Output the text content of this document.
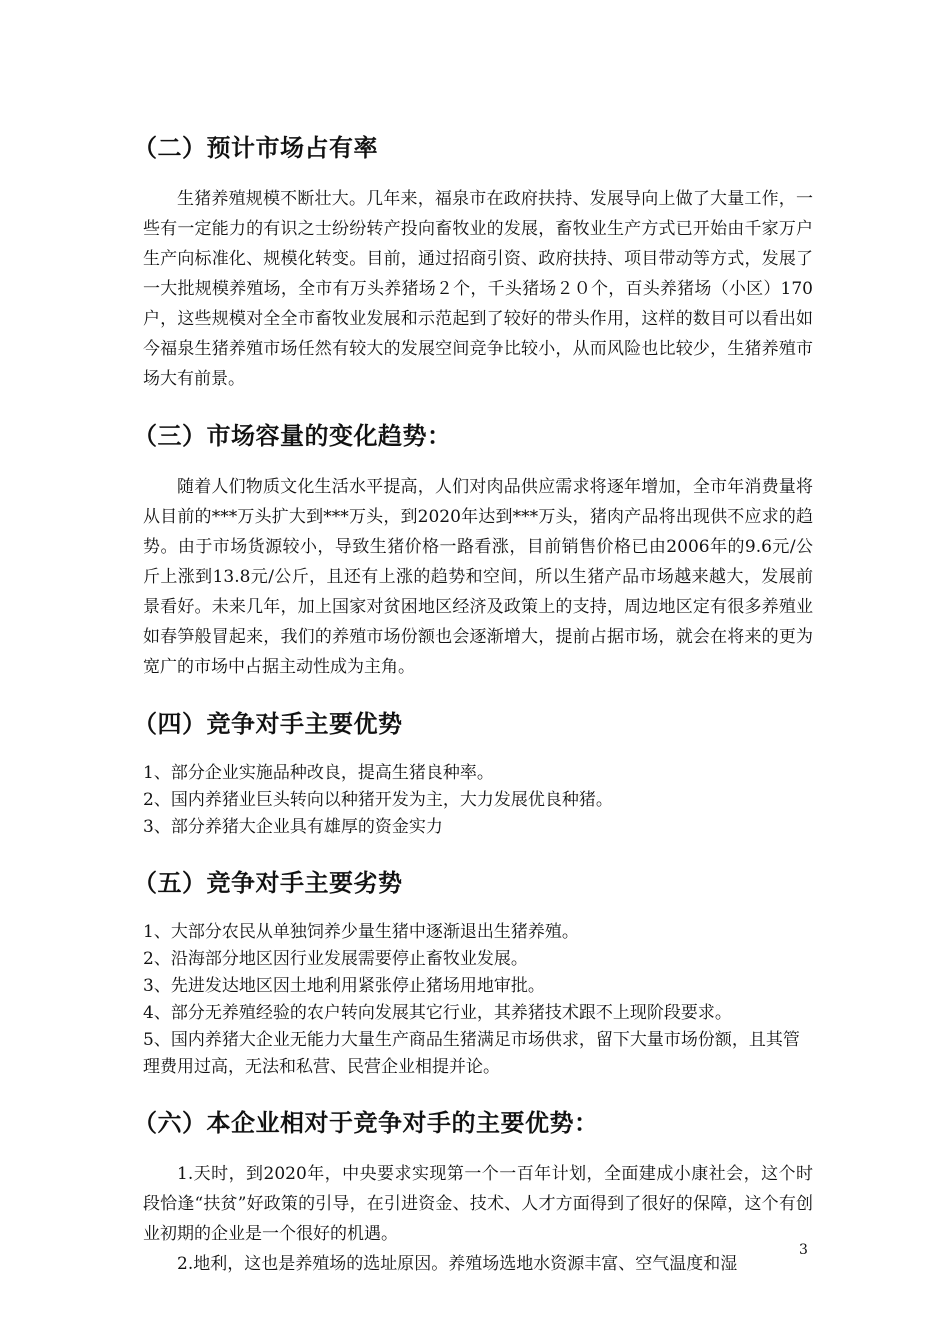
（二）预计市场占有率

生猪养殖规模不断壮大。几年来，福泉市在政府扶持、发展导向上做了大量工作，一些有一定能力的有识之士纷纷转产投向畜牧业的发展，畜牧业生产方式已开始由千家万户生产向标准化、规模化转变。目前，通过招商引资、政府扶持、项目带动等方式，发展了一大批规模养殖场，全市有万头养猪场２个，千头猪场２０个，百头养猪场（小区）170户，这些规模对全全市畜牧业发展和示范起到了较好的带头作用，这样的数目可以看出如今福泉生猪养殖市场任然有较大的发展空间竞争比较小，从而风险也比较少，生猪养殖市场大有前景。

（三）市场容量的变化趋势：

随着人们物质文化生活水平提高，人们对肉品供应需求将逐年增加，全市年消费量将从目前的***万头扩大到***万头，到2020年达到***万头，猪肉产品将出现供不应求的趋势。由于市场货源较小，导致生猪价格一路看涨，目前销售价格已由2006年的9.6元/公斤上涨到13.8元/公斤，且还有上涨的趋势和空间，所以生猪产品市场越来越大，发展前景看好。未来几年，加上国家对贫困地区经济及政策上的支持，周边地区定有很多养殖业如春笋般冒起来，我们的养殖市场份额也会逐渐增大，提前占据市场，就会在将来的更为宽广的市场中占据主动性成为主角。

（四）竞争对手主要优势
1、部分企业实施品种改良，提高生猪良种率。
2、国内养猪业巨头转向以种猪开发为主，大力发展优良种猪。
3、部分养猪大企业具有雄厚的资金实力
（五）竞争对手主要劣势
1、大部分农民从单独饲养少量生猪中逐渐退出生猪养殖。
2、沿海部分地区因行业发展需要停止畜牧业发展。
3、先进发达地区因土地利用紧张停止猪场用地审批。
4、部分无养殖经验的农户转向发展其它行业，其养猪技术跟不上现阶段要求。
5、国内养猪大企业无能力大量生产商品生猪满足市场供求，留下大量市场份额，且其管理费用过高，无法和私营、民营企业相提并论。
（六）本企业相对于竞争对手的主要优势：

1.天时，到2020年，中央要求实现第一个一百年计划，全面建成小康社会，这个时段恰逢“扶贫”好政策的引导，在引进资金、技术、人才方面得到了很好的保障，这个有创业初期的企业是一个很好的机遇。

2.地利，这也是养殖场的选址原因。养殖场选地水资源丰富、空气温度和湿

3
